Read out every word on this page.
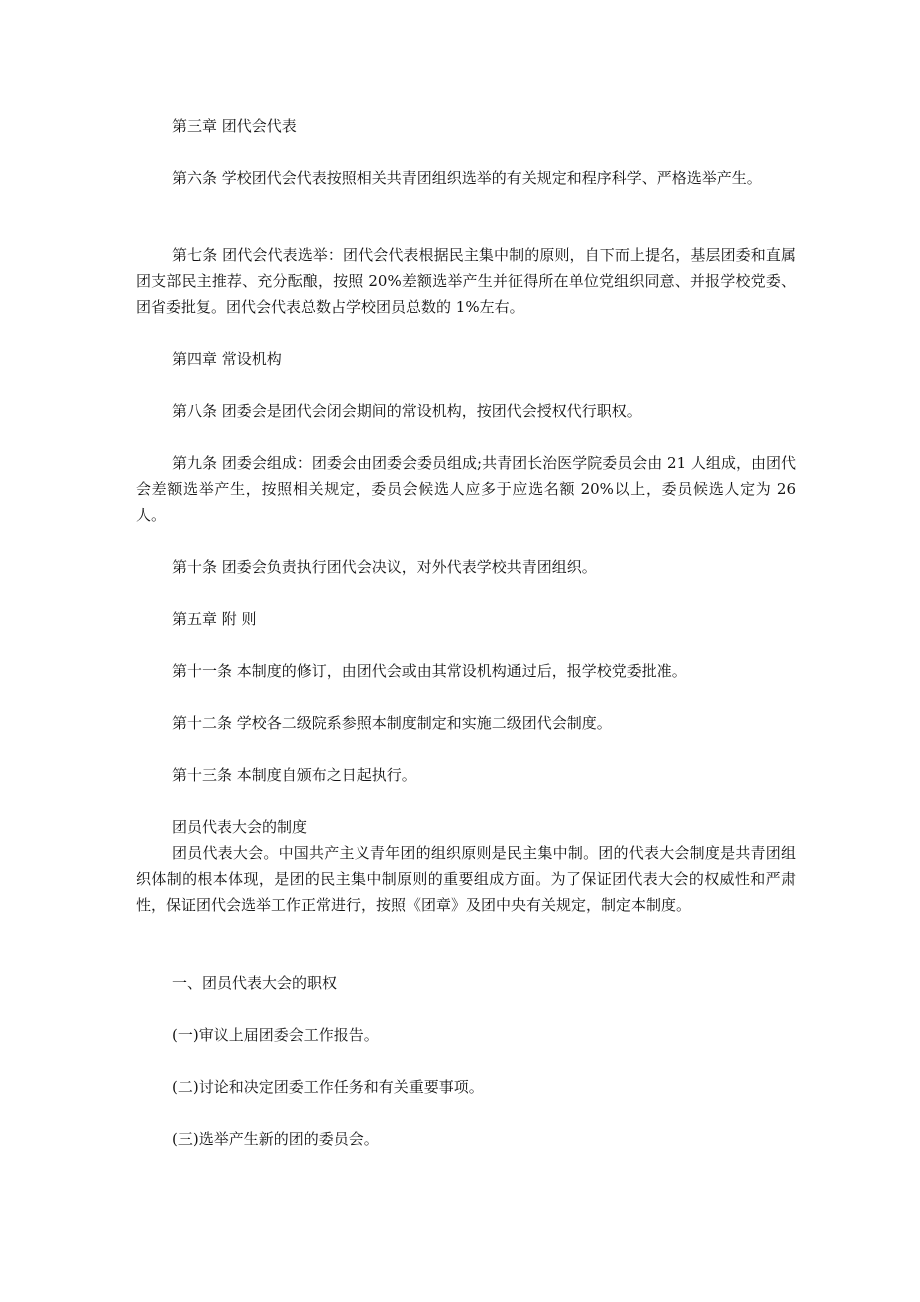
第三章 团代会代表

第六条 学校团代会代表按照相关共青团组织选举的有关规定和程序科学、严格选举产生。

第七条 团代会代表选举：团代会代表根据民主集中制的原则，自下而上提名，基层团委和直属团支部民主推荐、充分酝酿，按照 20%差额选举产生并征得所在单位党组织同意、并报学校党委、团省委批复。团代会代表总数占学校团员总数的 1%左右。

第四章 常设机构

第八条 团委会是团代会闭会期间的常设机构，按团代会授权代行职权。

第九条 团委会组成：团委会由团委会委员组成;共青团长治医学院委员会由 21 人组成，由团代会差额选举产生，按照相关规定，委员会候选人应多于应选名额 20%以上，委员候选人定为 26 人。

第十条 团委会负责执行团代会决议，对外代表学校共青团组织。

第五章 附 则

第十一条 本制度的修订，由团代会或由其常设机构通过后，报学校党委批准。

第十二条 学校各二级院系参照本制度制定和实施二级团代会制度。

第十三条 本制度自颁布之日起执行。

团员代表大会的制度

团员代表大会。中国共产主义青年团的组织原则是民主集中制。团的代表大会制度是共青团组织体制的根本体现，是团的民主集中制原则的重要组成方面。为了保证团代表大会的权威性和严肃性，保证团代会选举工作正常进行，按照《团章》及团中央有关规定，制定本制度。

一、团员代表大会的职权

(一)审议上届团委会工作报告。

(二)讨论和决定团委工作任务和有关重要事项。

(三)选举产生新的团的委员会。
